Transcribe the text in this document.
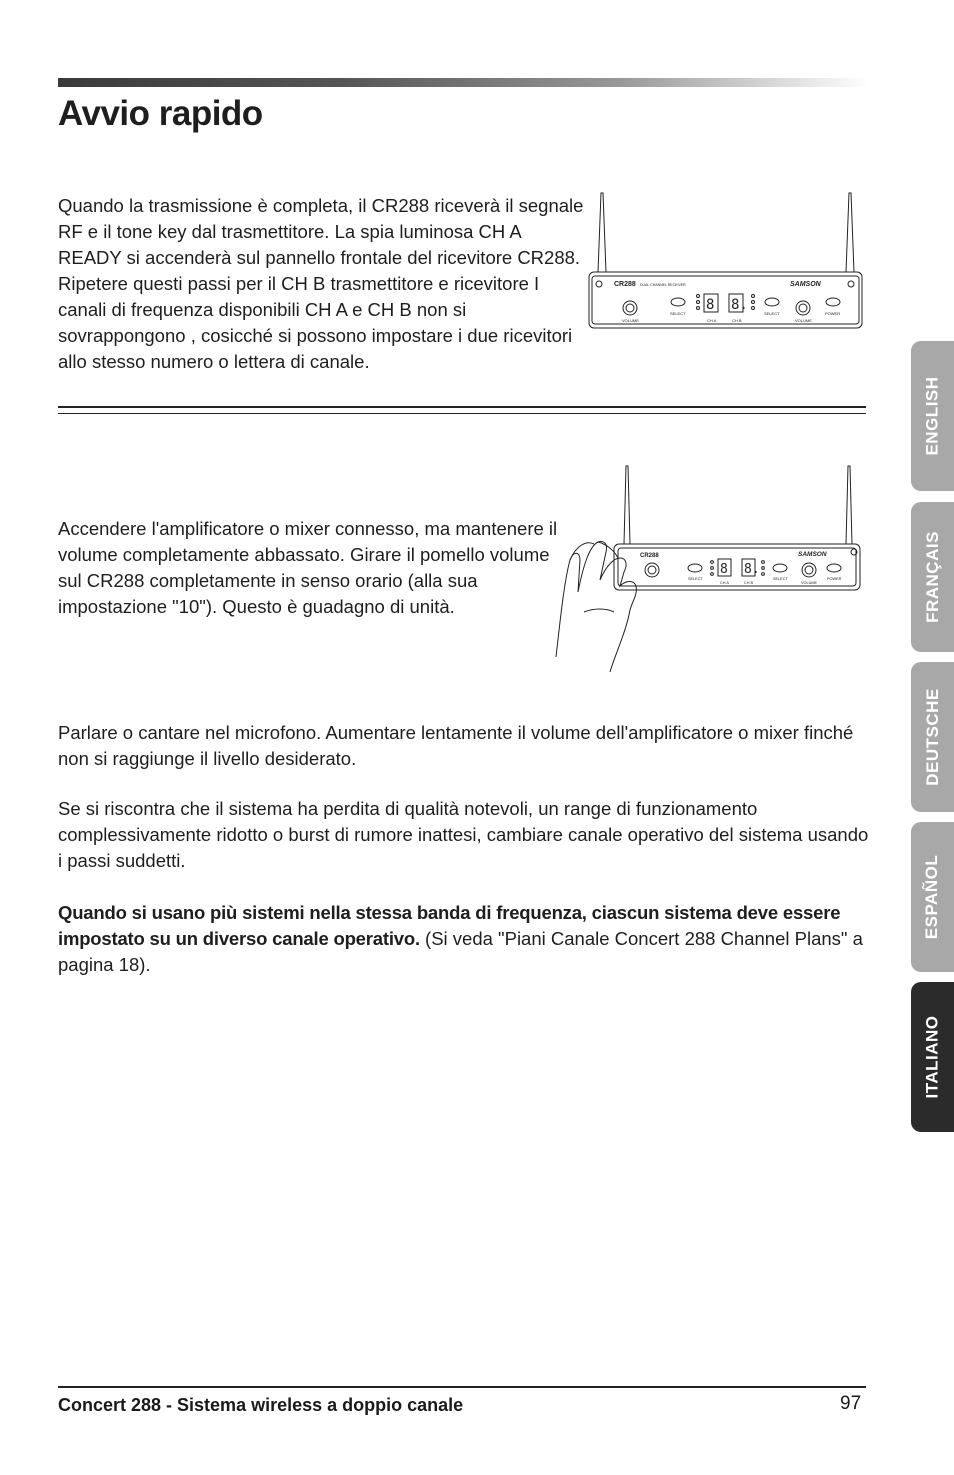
Avvio rapido

Quando la trasmissione è completa, il CR288 riceverà il segnale RF e il tone key dal trasmettitore. La spia luminosa CH A READY si accenderà sul pannello frontale del ricevitore CR288. Ripetere questi passi per il CH B trasmettitore e ricevitore I canali di frequenza disponibili CH A e CH B non si sovrappongono , cosicché si possono impostare i due ricevitori allo stesso numero o lettera di canale.

CR288 DUAL CHANNEL RECEIVER	SAMSON
8 8.
VOLUME
SELECT
CH A	CH B
SELECT
VOLUME
POWER

Accendere l'amplificatore o mixer connesso, ma mantenere il volume completamente abbassato. Girare il pomello volume sul CR288 completamente in senso orario (alla sua impostazione "10"). Questo è guadagno di unità.

CR288	SAMSON
8 8.
SELECT
CH A	CH B
SELECT
VOLUME
POWER

Parlare o cantare nel microfono. Aumentare lentamente il volume dell'amplificatore o mixer finché non si raggiunge il livello desiderato.

Se si riscontra che il sistema ha perdita di qualità notevoli, un range di funzionamento complessivamente ridotto o burst di rumore inattesi, cambiare canale operativo del sistema usando i passi suddetti.

Quando si usano più sistemi nella stessa banda di frequenza, ciascun sistema deve essere impostato su un diverso canale operativo. (Si veda "Piani Canale Concert 288 Channel Plans" a pagina 18).

Concert 288 - Sistema wireless a doppio canale	97
ENGLISH
FRANÇAIS
DEUTSCHE
ESPAÑOL
ITALIANO
